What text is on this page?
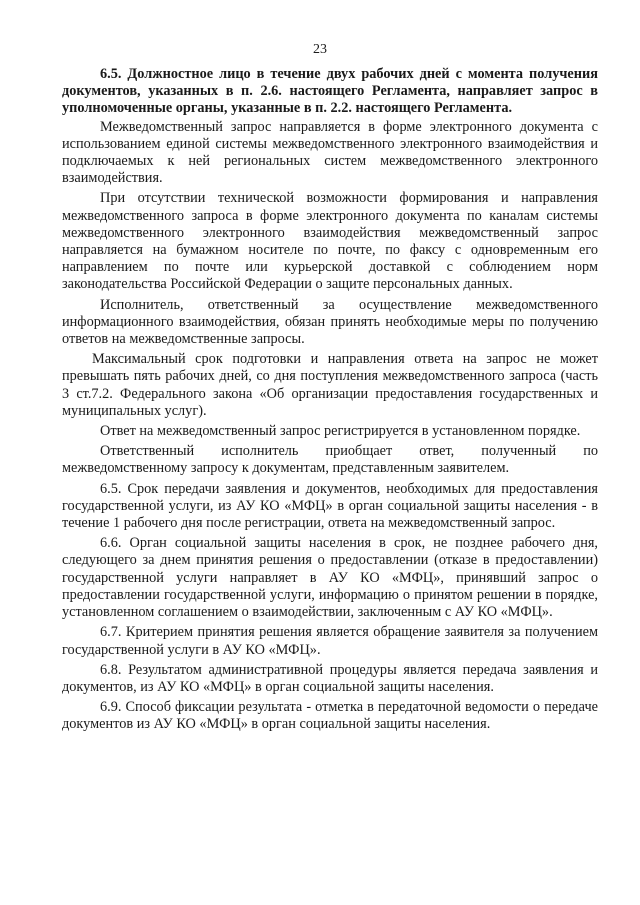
23

6.5. Должностное лицо в течение двух рабочих дней с момента получения документов, указанных в п. 2.6. настоящего Регламента, направляет запрос в уполномоченные органы, указанные в п. 2.2. настоящего Регламента.

Межведомственный запрос направляется в форме электронного документа с использованием единой системы межведомственного электронного взаимодействия и подключаемых к ней региональных систем межведомственного электронного взаимодействия.

При отсутствии технической возможности формирования и направления межведомственного запроса в форме электронного документа по каналам системы межведомственного электронного взаимодействия межведомственный запрос направляется на бумажном носителе по почте, по факсу с одновременным его направлением по почте или курьерской доставкой с соблюдением норм законодательства Российской Федерации о защите персональных данных.

Исполнитель, ответственный за осуществление межведомственного информационного взаимодействия, обязан принять необходимые меры по получению ответов на межведомственные запросы.

Максимальный срок подготовки и направления ответа на запрос не может превышать пять рабочих дней, со дня поступления межведомственного запроса (часть 3 ст.7.2. Федерального закона «Об организации предоставления государственных и муниципальных услуг).

Ответ на межведомственный запрос регистрируется в установленном порядке.

Ответственный исполнитель приобщает ответ, полученный по межведомственному запросу к документам, представленным заявителем.

6.5. Срок передачи заявления и документов, необходимых для предоставления государственной услуги, из АУ КО «МФЦ» в орган социальной защиты населения - в течение 1 рабочего дня после регистрации, ответа на межведомственный запрос.

6.6. Орган социальной защиты населения в срок, не позднее рабочего дня, следующего за днем принятия решения о предоставлении (отказе в предоставлении) государственной услуги направляет в АУ КО «МФЦ», принявший запрос о предоставлении государственной услуги, информацию о принятом решении в порядке, установленном соглашением о взаимодействии, заключенным с АУ КО «МФЦ».

6.7. Критерием принятия решения является обращение заявителя за получением государственной услуги в АУ КО «МФЦ».

6.8. Результатом административной процедуры является передача заявления и документов, из АУ КО «МФЦ» в орган социальной защиты населения.

6.9. Способ фиксации результата - отметка в передаточной ведомости о передаче документов из АУ КО «МФЦ» в орган социальной защиты населения.
